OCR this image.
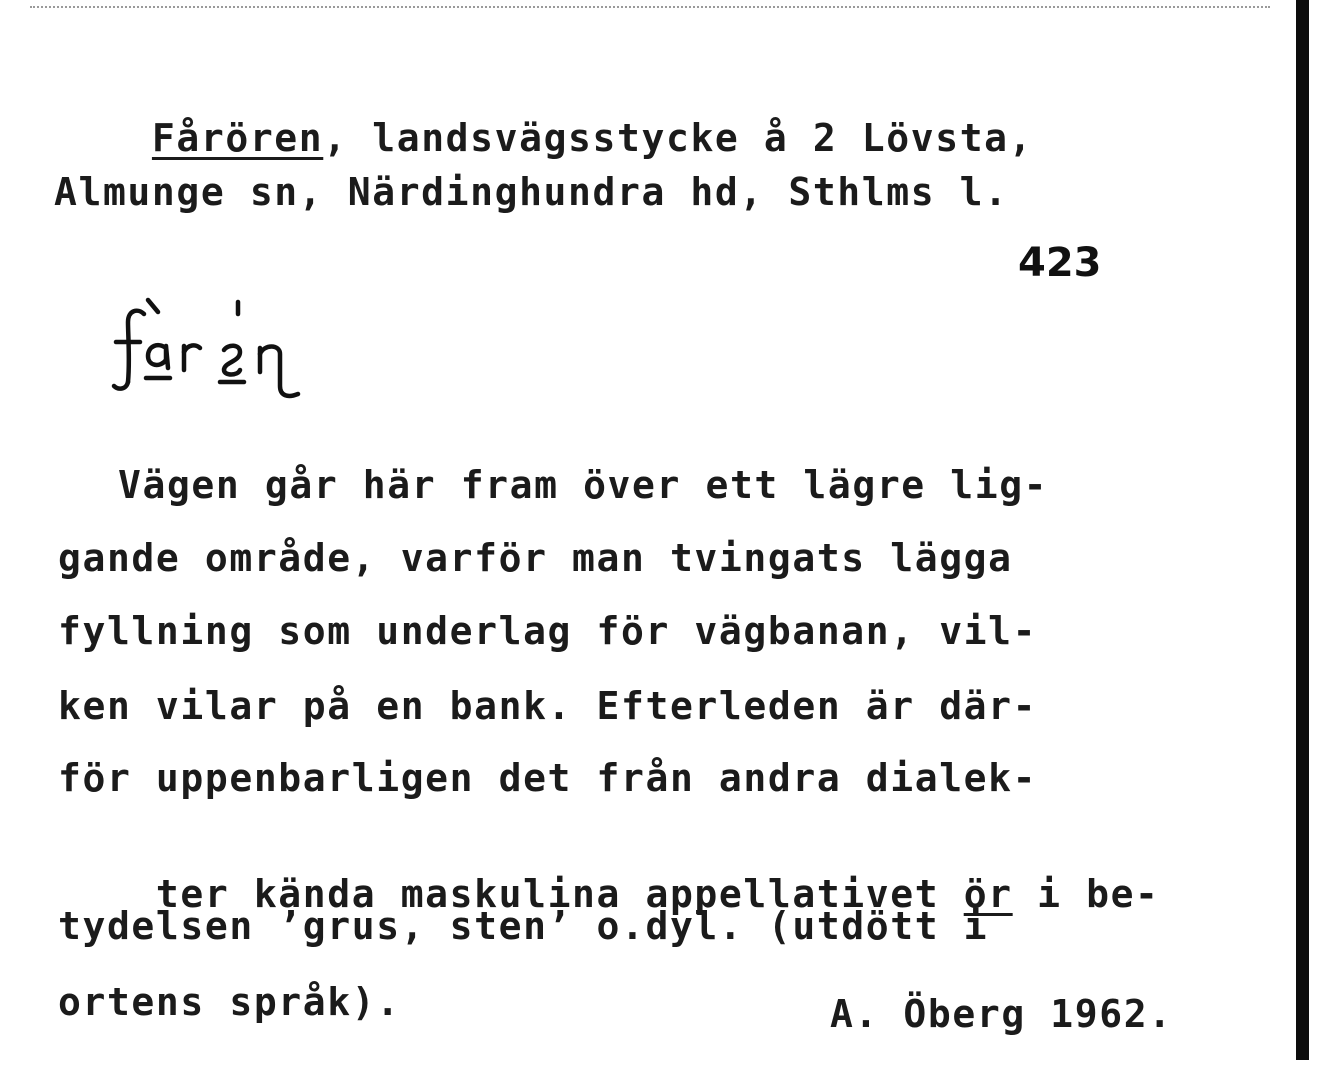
Fårören, landsvägsstycke å 2 Lövsta,

Almunge sn, Närdinghundra hd, Sthlms l.
423
Vägen går här fram över ett lägre lig-
gande område, varför man tvingats lägga
fyllning som underlag för vägbanan, vil-
ken vilar på en bank. Efterleden är där-
för uppenbarligen det från andra dialek-

ter kända maskulina appellativet ör i be-

tydelsen ’grus, sten’ o.dyl. (utdött i
ortens språk).	A. Öberg 1962.
